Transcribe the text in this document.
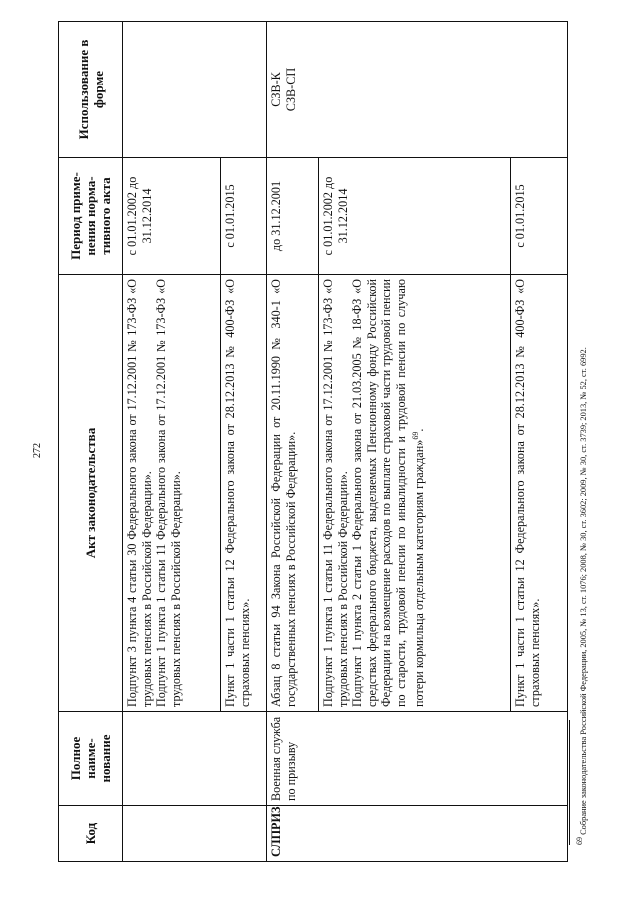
272
Код	Полное наиме-нование	Акт законодательства	Период приме-нения норма-тивного акта	Использование в форме

		Подпункт 3 пункта 4 статьи 30 Федерального закона от 17.12.2001 № 173-ФЗ «О трудовых пенсиях в Российской Федерации». Подпункт 1 пункта 1 статьи 11 Федерального закона от 17.12.2001 № 173-ФЗ «О трудовых пенсиях в Российской Федерации».	с 01.01.2002 до 31.12.2014	

		Пункт 1 части 1 статьи 12 Федерального закона от 28.12.2013 № 400-ФЗ «О страховых пенсиях».	с 01.01.2015	
СЛПРИЗ	Военная служба по призыву	Абзац 8 статьи 94 Закона Российской Федерации от 20.11.1990 № 340-1 «О государственных пенсиях в Российской Федерации».	до 31.12.2001	СЗВ-К СЗВ-СП

		Подпункт 1 пункта 1 статьи 11 Федерального закона от 17.12.2001 № 173-ФЗ «О трудовых пенсиях в Российской Федерации». Подпункт 1 пункта 2 статьи 1 Федерального закона от 21.03.2005 № 18-ФЗ «О средствах федерального бюджета, выделяемых Пенсионному фонду Российской Федерации на возмещение расходов по выплате страховой части трудовой пенсии по старости, трудовой пенсии по инвалидности и трудовой пенсии по случаю потери кормильца отдельным категориям граждан»$^{69}$.	с 01.01.2002 до 31.12.2014	

		Пункт 1 части 1 статьи 12 Федерального закона от 28.12.2013 № 400-ФЗ «О страховых пенсиях».	с 01.01.2015	
$^{69}$ Собрание законодательства Российской Федерации, 2005, № 13, ст. 1076; 2008, № 30, ст. 3602; 2009, № 30, ст. 3739; 2013, № 52, ст. 6992.
